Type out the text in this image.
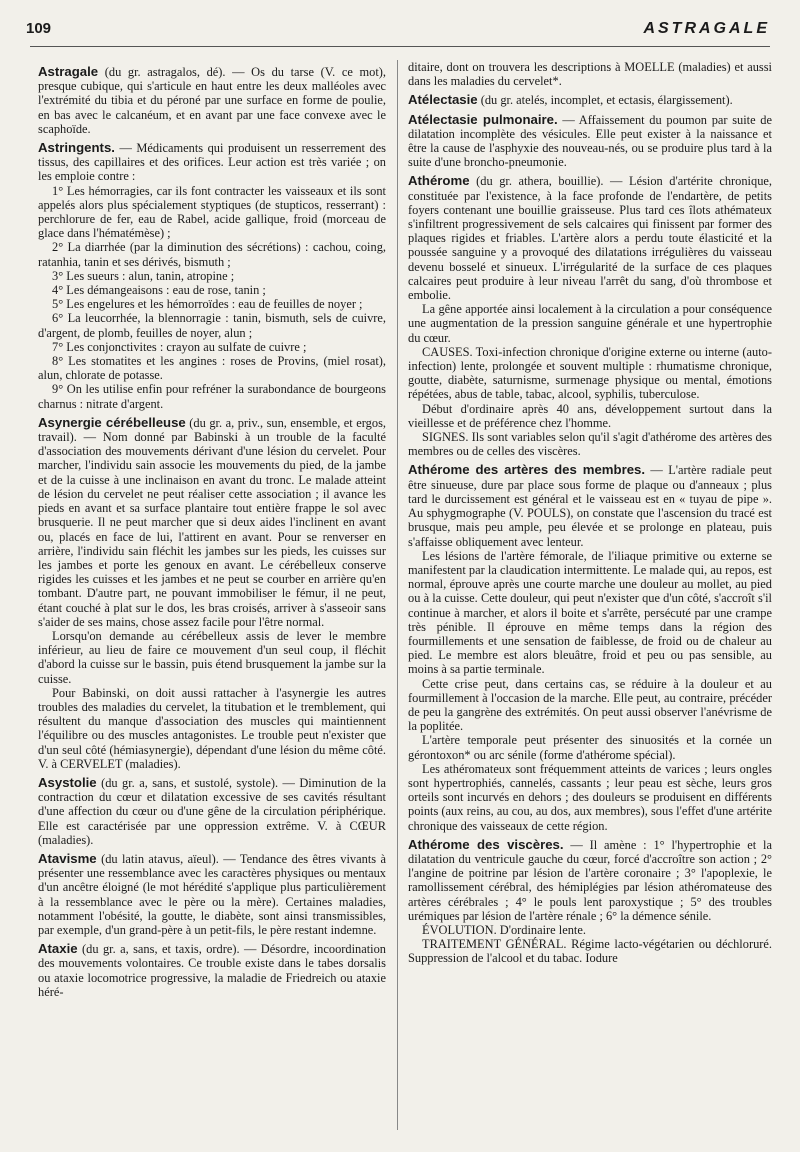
109	ASTRAGALE

Astragale (du gr. astragalos, dé). — Os du tarse (V. ce mot), presque cubique, qui s'articule en haut entre les deux malléoles avec l'extrémité du tibia et du péroné par une surface en forme de poulie, en bas avec le calcanéum, et en avant par une face convexe avec le scaphoïde.

Astringents. — Médicaments qui produisent un resserrement des tissus, des capillaires et des orifices. Leur action est très variée ; on les emploie contre :

1° Les hémorragies, car ils font contracter les vaisseaux et ils sont appelés alors plus spécialement styptiques (de stupticos, resserrant) : perchlorure de fer, eau de Rabel, acide gallique, froid (morceau de glace dans l'hématémèse) ;

2° La diarrhée (par la diminution des sécrétions) : cachou, coing, ratanhia, tanin et ses dérivés, bismuth ;

3° Les sueurs : alun, tanin, atropine ;

4° Les démangeaisons : eau de rose, tanin ;

5° Les engelures et les hémorroïdes : eau de feuilles de noyer ;

6° La leucorrhée, la blennorragie : tanin, bismuth, sels de cuivre, d'argent, de plomb, feuilles de noyer, alun ;

7° Les conjonctivites : crayon au sulfate de cuivre ;

8° Les stomatites et les angines : roses de Provins, (miel rosat), alun, chlorate de potasse.

9° On les utilise enfin pour refréner la surabondance de bourgeons charnus : nitrate d'argent.

Asynergie cérébelleuse (du gr. a, priv., sun, ensemble, et ergos, travail). — Nom donné par Babinski à un trouble de la faculté d'association des mouvements dérivant d'une lésion du cervelet. Pour marcher, l'individu sain associe les mouvements du pied, de la jambe et de la cuisse à une inclinaison en avant du tronc. Le malade atteint de lésion du cervelet ne peut réaliser cette association ; il avance les pieds en avant et sa surface plantaire tout entière frappe le sol avec brusquerie. Il ne peut marcher que si deux aides l'inclinent en avant ou, placés en face de lui, l'attirent en avant. Pour se renverser en arrière, l'individu sain fléchit les jambes sur les pieds, les cuisses sur les jambes et porte les genoux en avant. Le cérébelleux conserve rigides les cuisses et les jambes et ne peut se courber en arrière qu'en tombant. D'autre part, ne pouvant immobiliser le fémur, il ne peut, étant couché à plat sur le dos, les bras croisés, arriver à s'asseoir sans s'aider de ses mains, chose assez facile pour l'être normal.

Lorsqu'on demande au cérébelleux assis de lever le membre inférieur, au lieu de faire ce mouvement d'un seul coup, il fléchit d'abord la cuisse sur le bassin, puis étend brusquement la jambe sur la cuisse.

Pour Babinski, on doit aussi rattacher à l'asynergie les autres troubles des maladies du cervelet, la titubation et le tremblement, qui résultent du manque d'association des muscles qui maintiennent l'équilibre ou des muscles antagonistes. Le trouble peut n'exister que d'un seul côté (hémiasynergie), dépendant d'une lésion du même côté. V. à CERVELET (maladies).

Asystolie (du gr. a, sans, et sustolé, systole). — Diminution de la contraction du cœur et dilatation excessive de ses cavités résultant d'une affection du cœur ou d'une gêne de la circulation périphérique. Elle est caractérisée par une oppression extrême. V. à CŒUR (maladies).

Atavisme (du latin atavus, aïeul). — Tendance des êtres vivants à présenter une ressemblance avec les caractères physiques ou mentaux d'un ancêtre éloigné (le mot hérédité s'applique plus particulièrement à la ressemblance avec le père ou la mère). Certaines maladies, notamment l'obésité, la goutte, le diabète, sont ainsi transmissibles, par exemple, d'un grand-père à un petit-fils, le père restant indemne.

Ataxie (du gr. a, sans, et taxis, ordre). — Désordre, incoordination des mouvements volontaires. Ce trouble existe dans le tabes dorsalis ou ataxie locomotrice progressive, la maladie de Friedreich ou ataxie héré-

ditaire, dont on trouvera les descriptions à MOELLE (maladies) et aussi dans les maladies du cervelet*.

Atélectasie (du gr. atelés, incomplet, et ectasis, élargissement).

Atélectasie pulmonaire. — Affaissement du poumon par suite de dilatation incomplète des vésicules. Elle peut exister à la naissance et être la cause de l'asphyxie des nouveau-nés, ou se produire plus tard à la suite d'une broncho-pneumonie.

Athérome (du gr. athera, bouillie). — Lésion d'artérite chronique, constituée par l'existence, à la face profonde de l'endartère, de petits foyers contenant une bouillie graisseuse. Plus tard ces îlots athémateux s'infiltrent progressivement de sels calcaires qui finissent par former des plaques rigides et friables. L'artère alors a perdu toute élasticité et la poussée sanguine y a provoqué des dilatations irrégulières du vaisseau devenu bosselé et sinueux. L'irrégularité de la surface de ces plaques calcaires peut produire à leur niveau l'arrêt du sang, d'où thrombose et embolie.

La gêne apportée ainsi localement à la circulation a pour conséquence une augmentation de la pression sanguine générale et une hypertrophie du cœur.

CAUSES. Toxi-infection chronique d'origine externe ou interne (auto-infection) lente, prolongée et souvent multiple : rhumatisme chronique, goutte, diabète, saturnisme, surmenage physique ou mental, émotions répétées, abus de table, tabac, alcool, syphilis, tuberculose.

Début d'ordinaire après 40 ans, développement surtout dans la vieillesse et de préférence chez l'homme.

SIGNES. Ils sont variables selon qu'il s'agit d'athérome des artères des membres ou de celles des viscères.

Athérome des artères des membres. — L'artère radiale peut être sinueuse, dure par place sous forme de plaque ou d'anneaux ; plus tard le durcissement est général et le vaisseau est en « tuyau de pipe ». Au sphygmographe (V. POULS), on constate que l'ascension du tracé est brusque, mais peu ample, peu élevée et se prolonge en plateau, puis s'affaisse obliquement avec lenteur.

Les lésions de l'artère fémorale, de l'iliaque primitive ou externe se manifestent par la claudication intermittente. Le malade qui, au repos, est normal, éprouve après une courte marche une douleur au mollet, au pied ou à la cuisse. Cette douleur, qui peut n'exister que d'un côté, s'accroît s'il continue à marcher, et alors il boite et s'arrête, persécuté par une crampe très pénible. Il éprouve en même temps dans la région des fourmillements et une sensation de faiblesse, de froid ou de chaleur au pied. Le membre est alors bleuâtre, froid et peu ou pas sensible, au moins à sa partie terminale.

Cette crise peut, dans certains cas, se réduire à la douleur et au fourmillement à l'occasion de la marche. Elle peut, au contraire, précéder de peu la gangrène des extrémités. On peut aussi observer l'anévrisme de la poplitée.

L'artère temporale peut présenter des sinuosités et la cornée un gérontoxon* ou arc sénile (forme d'athérome spécial).

Les athéromateux sont fréquemment atteints de varices ; leurs ongles sont hypertrophiés, cannelés, cassants ; leur peau est sèche, leurs gros orteils sont incurvés en dehors ; des douleurs se produisent en différents points (aux reins, au cou, au dos, aux membres), sous l'effet d'une artérite chronique des vaisseaux de cette région.

Athérome des viscères. — Il amène : 1° l'hypertrophie et la dilatation du ventricule gauche du cœur, forcé d'accroître son action ; 2° l'angine de poitrine par lésion de l'artère coronaire ; 3° l'apoplexie, le ramollissement cérébral, des hémiplégies par lésion athéromateuse des artères cérébrales ; 4° le pouls lent paroxystique ; 5° des troubles urémiques par lésion de l'artère rénale ; 6° la démence sénile.

ÉVOLUTION. D'ordinaire lente.

TRAITEMENT GÉNÉRAL. Régime lacto-végétarien ou déchloruré. Suppression de l'alcool et du tabac. Iodure
